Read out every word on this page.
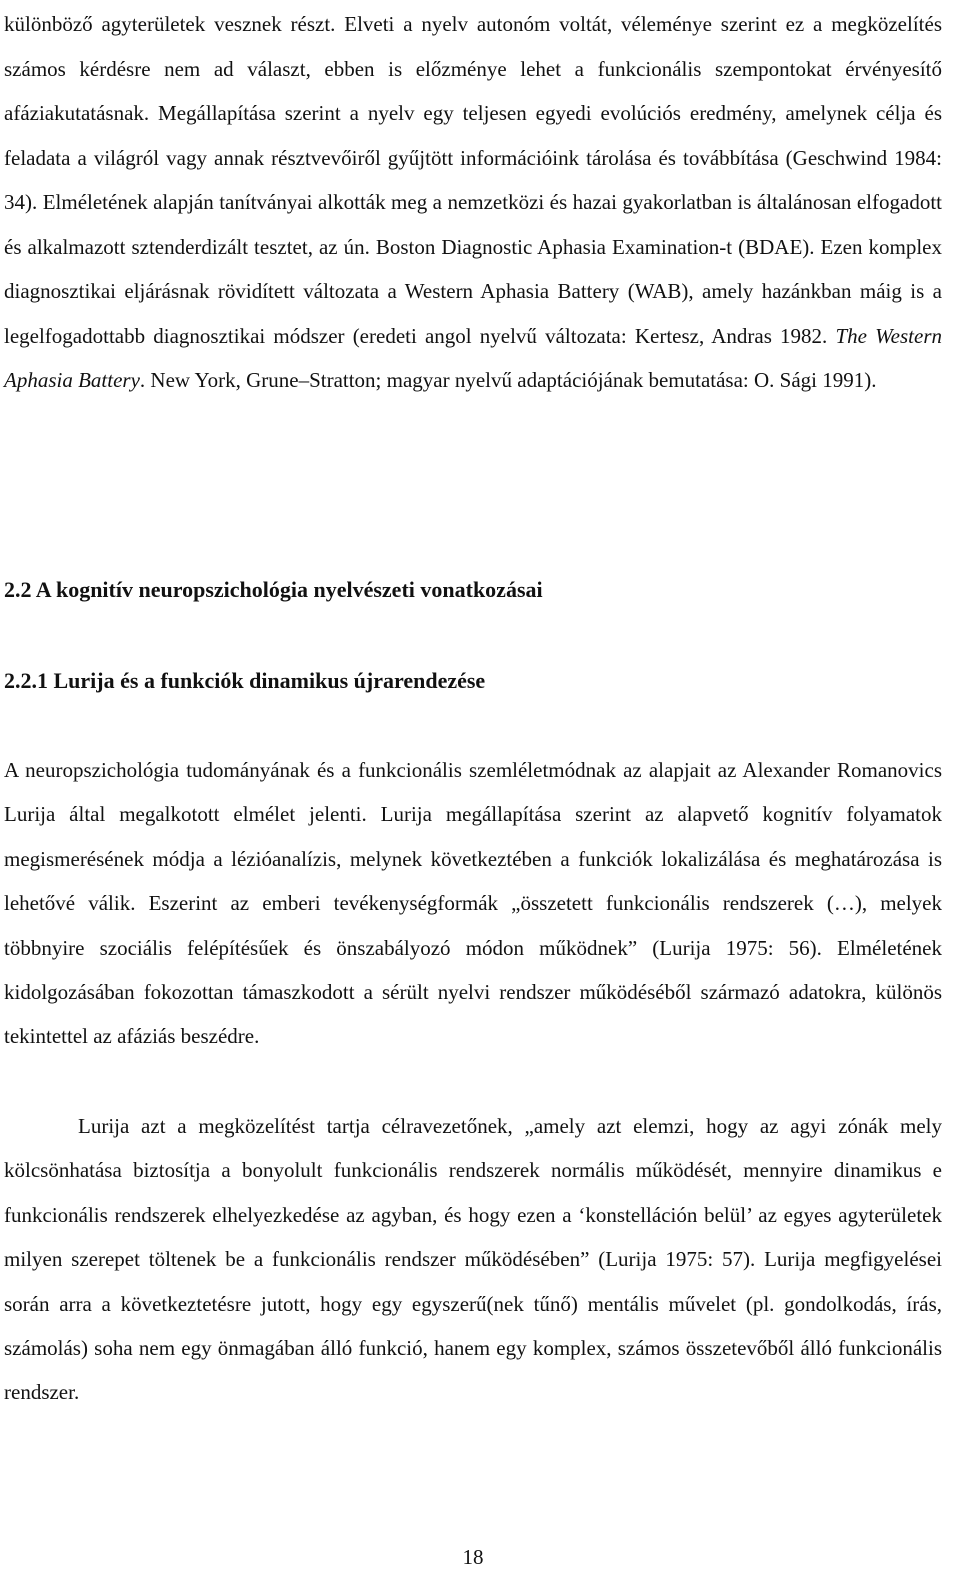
különböző agyterületek vesznek részt. Elveti a nyelv autonóm voltát, véleménye szerint ez a megközelítés számos kérdésre nem ad választ, ebben is előzménye lehet a funkcionális szempontokat érvényesítő afáziakutatásnak. Megállapítása szerint a nyelv egy teljesen egyedi evolúciós eredmény, amelynek célja és feladata a világról vagy annak résztvevőiről gyűjtött információink tárolása és továbbítása (Geschwind 1984: 34). Elméletének alapján tanítványai alkották meg a nemzetközi és hazai gyakorlatban is általánosan elfogadott és alkalmazott sztenderdizált tesztet, az ún. Boston Diagnostic Aphasia Examination-t (BDAE). Ezen komplex diagnosztikai eljárásnak rövidített változata a Western Aphasia Battery (WAB), amely hazánkban máig is a legelfogadottabb diagnosztikai módszer (eredeti angol nyelvű változata: Kertesz, Andras 1982. The Western Aphasia Battery. New York, Grune–Stratton; magyar nyelvű adaptációjának bemutatása: O. Sági 1991).

2.2 A kognitív neuropszichológia nyelvészeti vonatkozásai
2.2.1 Lurija és a funkciók dinamikus újrarendezése

A neuropszichológia tudományának és a funkcionális szemléletmódnak az alapjait az Alexander Romanovics Lurija által megalkotott elmélet jelenti. Lurija megállapítása szerint az alapvető kognitív folyamatok megismerésének módja a lézióanalízis, melynek következtében a funkciók lokalizálása és meghatározása is lehetővé válik. Eszerint az emberi tevékenységformák „összetett funkcionális rendszerek (…), melyek többnyire szociális felépítésűek és önszabályozó módon működnek” (Lurija 1975: 56). Elméletének kidolgozásában fokozottan támaszkodott a sérült nyelvi rendszer működéséből származó adatokra, különös tekintettel az afáziás beszédre.

Lurija azt a megközelítést tartja célravezetőnek, „amely azt elemzi, hogy az agyi zónák mely kölcsönhatása biztosítja a bonyolult funkcionális rendszerek normális működését, mennyire dinamikus e funkcionális rendszerek elhelyezkedése az agyban, és hogy ezen a ‘konstelláción belül’ az egyes agyterületek milyen szerepet töltenek be a funkcionális rendszer működésében” (Lurija 1975: 57). Lurija megfigyelései során arra a következtetésre jutott, hogy egy egyszerű(nek tűnő) mentális művelet (pl. gondolkodás, írás, számolás) soha nem egy önmagában álló funkció, hanem egy komplex, számos összetevőből álló funkcionális rendszer.

18
